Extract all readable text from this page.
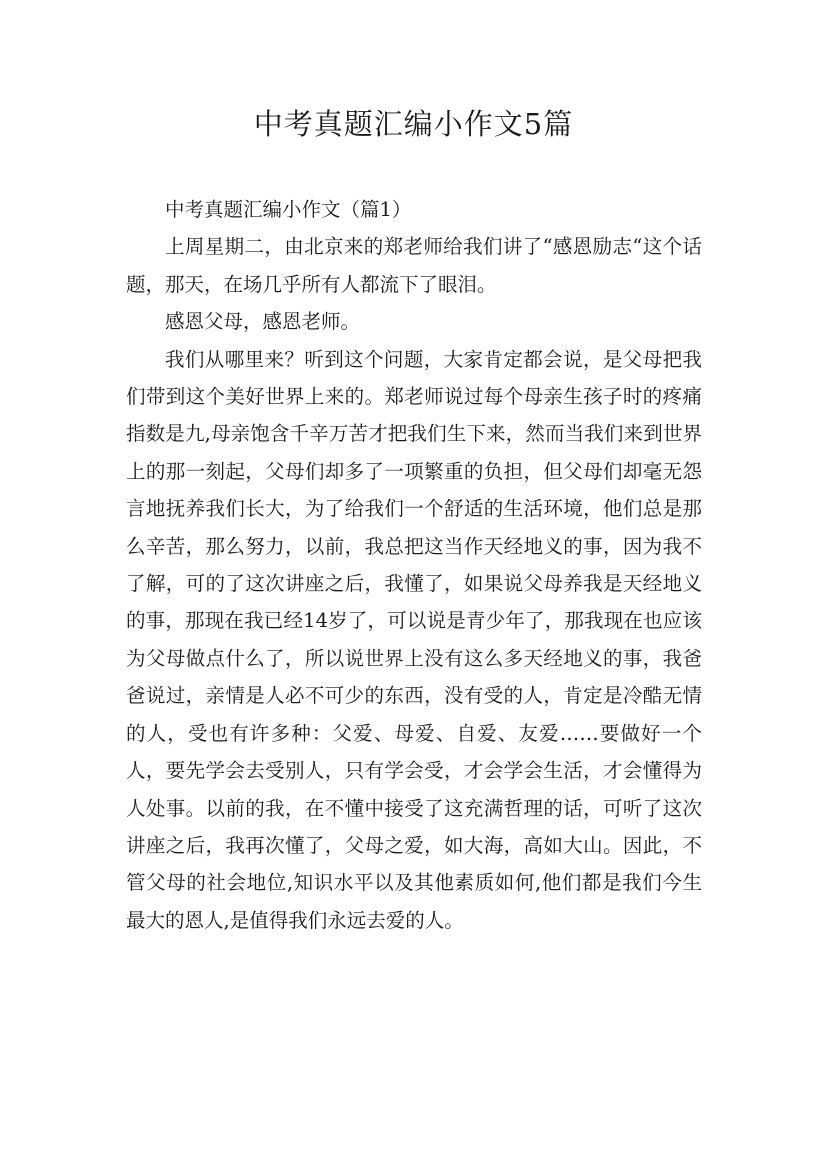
中考真题汇编小作文5篇

中考真题汇编小作文（篇1）

上周星期二，由北京来的郑老师给我们讲了“感恩励志“这个话题，那天，在场几乎所有人都流下了眼泪。

感恩父母，感恩老师。

我们从哪里来？听到这个问题，大家肯定都会说，是父母把我们带到这个美好世界上来的。郑老师说过每个母亲生孩子时的疼痛指数是九,母亲饱含千辛万苦才把我们生下来，然而当我们来到世界上的那一刻起，父母们却多了一项繁重的负担，但父母们却毫无怨言地抚养我们长大，为了给我们一个舒适的生活环境，他们总是那么辛苦，那么努力，以前，我总把这当作天经地义的事，因为我不了解，可的了这次讲座之后，我懂了，如果说父母养我是天经地义的事，那现在我已经14岁了，可以说是青少年了，那我现在也应该为父母做点什么了，所以说世界上没有这么多天经地义的事，我爸爸说过，亲情是人必不可少的东西，没有受的人，肯定是冷酷无情的人，受也有许多种：父爱、母爱、自爱、友爱……要做好一个人，要先学会去受别人，只有学会受，才会学会生活，才会懂得为人处事。以前的我，在不懂中接受了这充满哲理的话，可听了这次讲座之后，我再次懂了，父母之爱，如大海，高如大山。因此，不管父母的社会地位,知识水平以及其他素质如何,他们都是我们今生最大的恩人,是值得我们永远去爱的人。
